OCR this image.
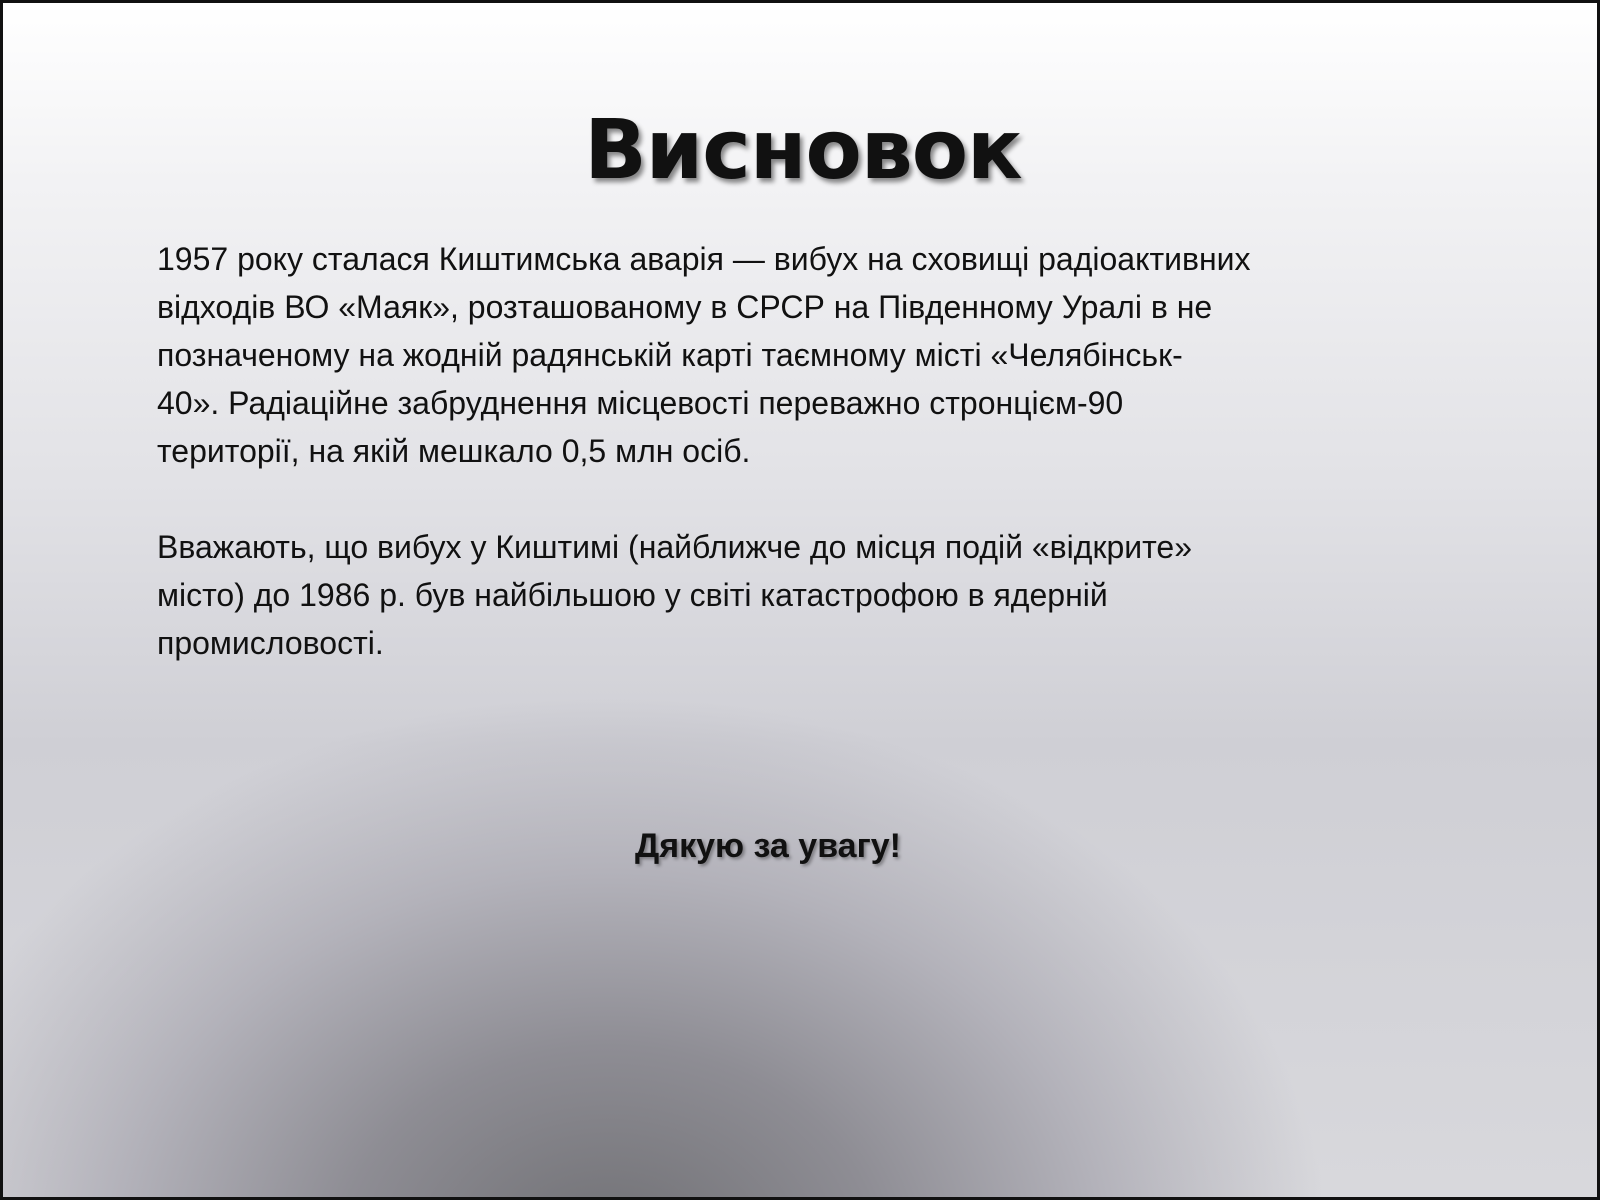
Висновок

1957 року сталася Киштимська аварія — вибух на сховищі радіоактивних
відходів ВО «Маяк», розташованому в СРСР на Південному Уралі в не
позначеному на жодній радянській карті таємному місті «Челябінськ-
40». Радіаційне забруднення місцевості переважно стронцієм-90
території, на якій мешкало 0,5 млн осіб.

Вважають, що вибух у Киштимі (найближче до місця подій «відкрите»
місто) до 1986 р. був найбільшою у світі катастрофою в ядерній
промисловості.

Дякую за увагу!
